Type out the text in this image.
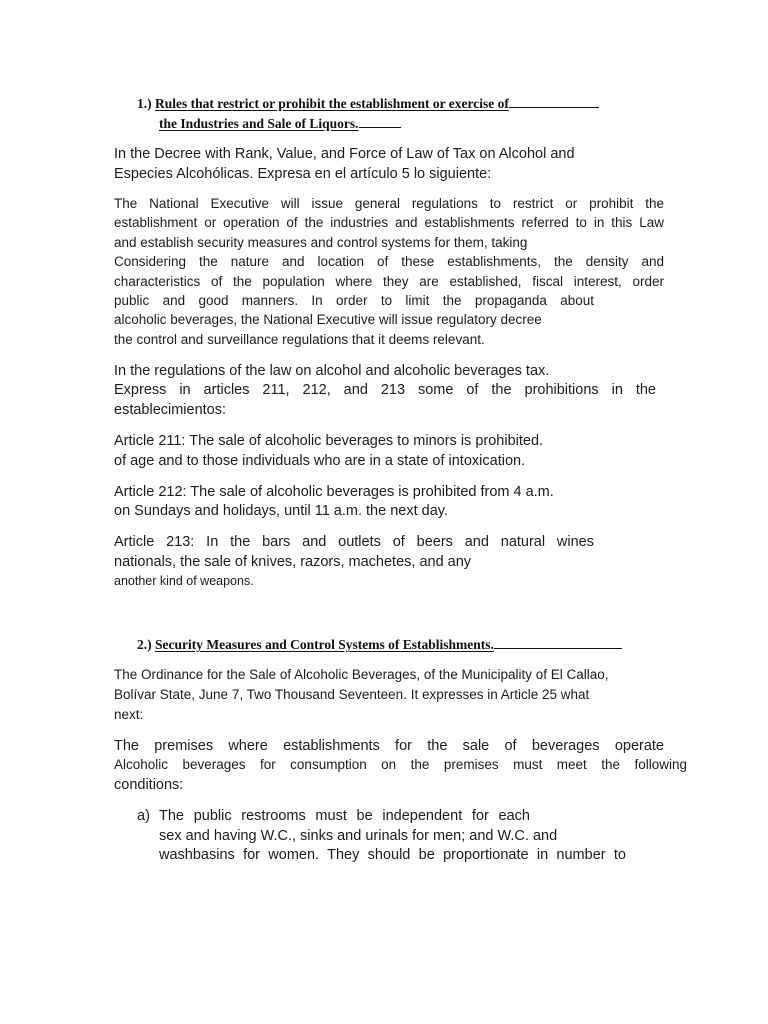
1.) Rules that restrict or prohibit the establishment or exercise of
the Industries and Sale of Liquors.
In the Decree with Rank, Value, and Force of Law of Tax on Alcohol and
Especies Alcohólicas. Expresa en el artículo 5 lo siguiente:
The National Executive will issue general regulations to restrict or prohibit the
establishment or operation of the industries and establishments referred to in this Law
and establish security measures and control systems for them, taking
Considering the nature and location of these establishments, the density and
characteristics of the population where they are established, fiscal interest, order
public and good manners. In order to limit the propaganda about
alcoholic beverages, the National Executive will issue regulatory decree
the control and surveillance regulations that it deems relevant.
In the regulations of the law on alcohol and alcoholic beverages tax.
Express in articles 211, 212, and 213 some of the prohibitions in the
establecimientos:
Article 211: The sale of alcoholic beverages to minors is prohibited.
of age and to those individuals who are in a state of intoxication.
Article 212: The sale of alcoholic beverages is prohibited from 4 a.m.
on Sundays and holidays, until 11 a.m. the next day.
Article 213: In the bars and outlets of beers and natural wines
nationals, the sale of knives, razors, machetes, and any
another kind of weapons.
2.) Security Measures and Control Systems of Establishments.
The Ordinance for the Sale of Alcoholic Beverages, of the Municipality of El Callao,
Bolívar State, June 7, Two Thousand Seventeen. It expresses in Article 25 what
next:
The premises where establishments for the sale of beverages operate
Alcoholic beverages for consumption on the premises must meet the following
conditions:
a) The public restrooms must be independent for each
sex and having W.C., sinks and urinals for men; and W.C. and
washbasins for women. They should be proportionate in number to
